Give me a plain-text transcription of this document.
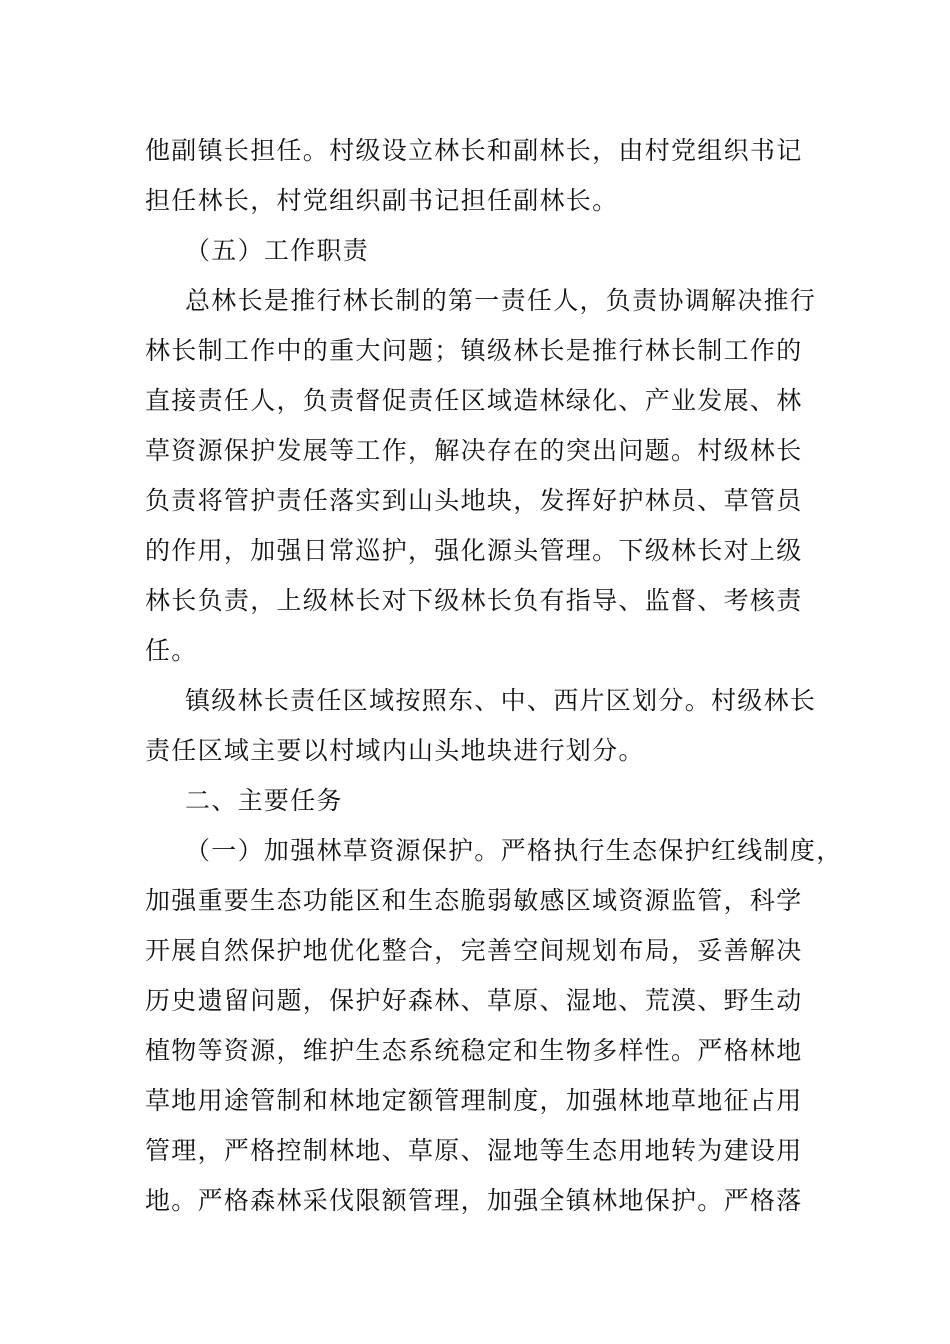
他副镇长担任。村级设立林长和副林长，由村党组织书记
担任林长，村党组织副书记担任副林长。
（五）工作职责
总林长是推行林长制的第一责任人，负责协调解决推行
林长制工作中的重大问题；镇级林长是推行林长制工作的
直接责任人，负责督促责任区域造林绿化、产业发展、林
草资源保护发展等工作，解决存在的突出问题。村级林长
负责将管护责任落实到山头地块，发挥好护林员、草管员
的作用，加强日常巡护，强化源头管理。下级林长对上级
林长负责，上级林长对下级林长负有指导、监督、考核责
任。
镇级林长责任区域按照东、中、西片区划分。村级林长
责任区域主要以村域内山头地块进行划分。
二、主要任务
（一）加强林草资源保护。严格执行生态保护红线制度，
加强重要生态功能区和生态脆弱敏感区域资源监管，科学
开展自然保护地优化整合，完善空间规划布局，妥善解决
历史遗留问题，保护好森林、草原、湿地、荒漠、野生动
植物等资源，维护生态系统稳定和生物多样性。严格林地
草地用途管制和林地定额管理制度，加强林地草地征占用
管理，严格控制林地、草原、湿地等生态用地转为建设用
地。严格森林采伐限额管理，加强全镇林地保护。严格落
